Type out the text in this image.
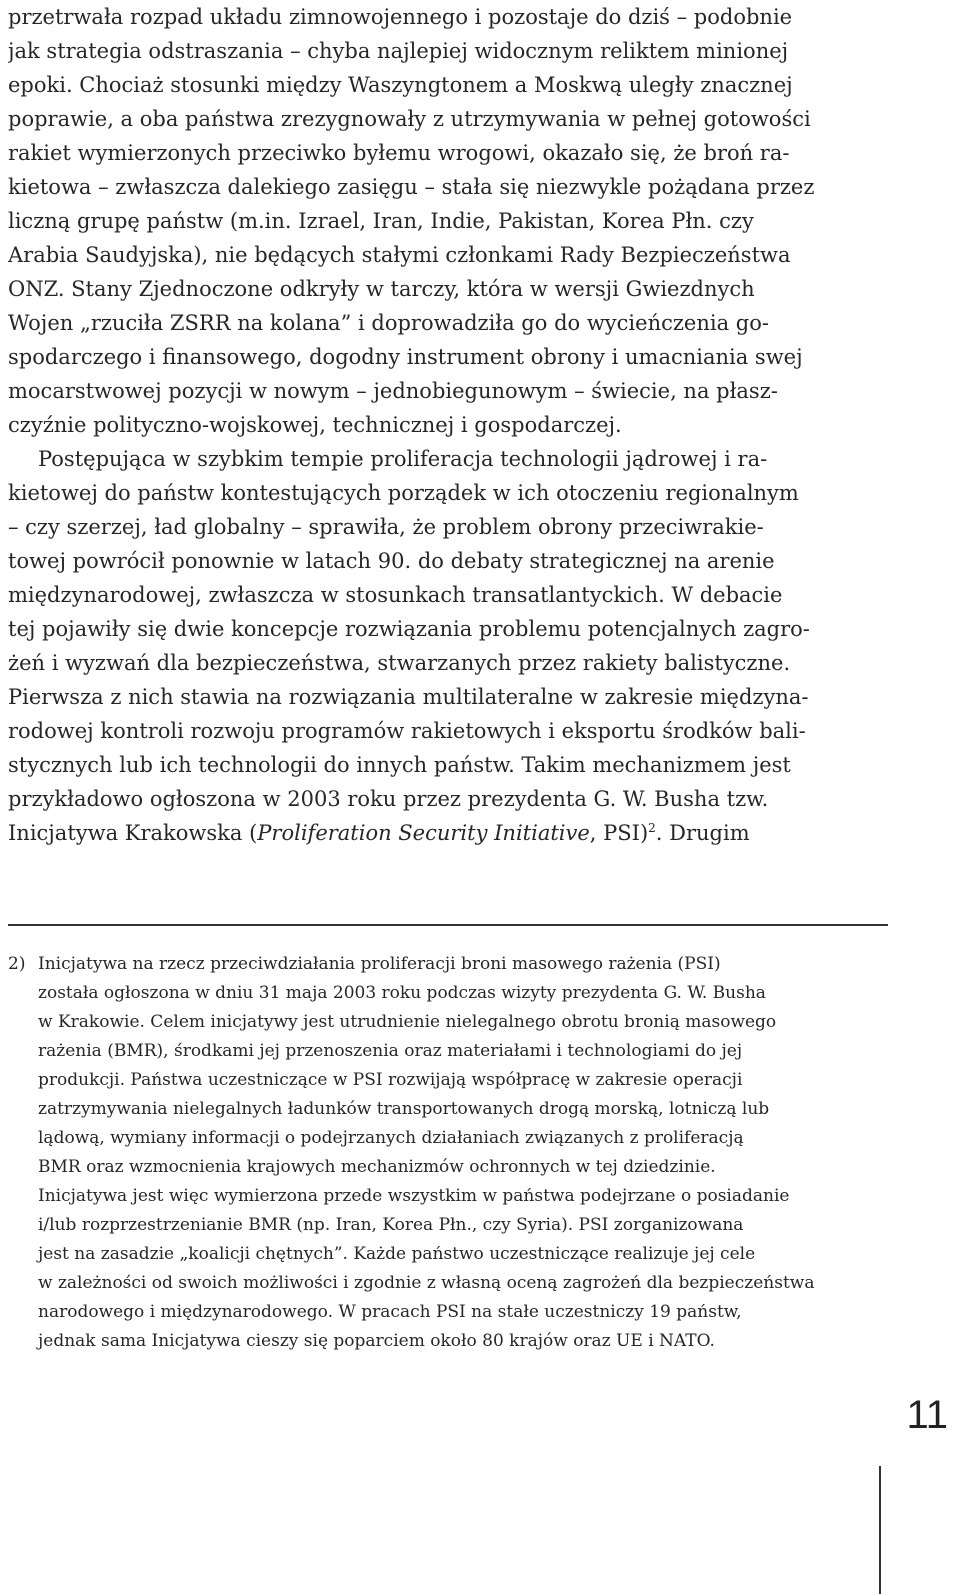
przetrwała rozpad układu zimnowojennego i pozostaje do dziś – podobnie
jak strategia odstraszania – chyba najlepiej widocznym reliktem minionej
epoki. Chociaż stosunki między Waszyngtonem a Moskwą uległy znacznej
poprawie, a oba państwa zrezygnowały z utrzymywania w pełnej gotowości
rakiet wymierzonych przeciwko byłemu wrogowi, okazało się, że broń ra-
kietowa – zwłaszcza dalekiego zasięgu – stała się niezwykle pożądana przez
liczną grupę państw (m.in. Izrael, Iran, Indie, Pakistan, Korea Płn. czy
Arabia Saudyjska), nie będących stałymi członkami Rady Bezpieczeństwa
ONZ. Stany Zjednoczone odkryły w tarczy, która w wersji Gwiezdnych
Wojen „rzuciła ZSRR na kolana” i doprowadziła go do wycieńczenia go-
spodarczego i finansowego, dogodny instrument obrony i umacniania swej
mocarstwowej pozycji w nowym – jednobiegunowym – świecie, na płasz-
czyźnie polityczno-wojskowej, technicznej i gospodarczej.
Postępująca w szybkim tempie proliferacja technologii jądrowej i ra-
kietowej do państw kontestujących porządek w ich otoczeniu regionalnym
– czy szerzej, ład globalny – sprawiła, że problem obrony przeciwrakie-
towej powrócił ponownie w latach 90. do debaty strategicznej na arenie
międzynarodowej, zwłaszcza w stosunkach transatlantyckich. W debacie
tej pojawiły się dwie koncepcje rozwiązania problemu potencjalnych zagro-
żeń i wyzwań dla bezpieczeństwa, stwarzanych przez rakiety balistyczne.
Pierwsza z nich stawia na rozwiązania multilateralne w zakresie międzyna-
rodowej kontroli rozwoju programów rakietowych i eksportu środków bali-
stycznych lub ich technologii do innych państw. Takim mechanizmem jest
przykładowo ogłoszona w 2003 roku przez prezydenta G. W. Busha tzw.
Inicjatywa Krakowska (Proliferation Security Initiative, PSI)$^2$. Drugim
2) Inicjatywa na rzecz przeciwdziałania proliferacji broni masowego rażenia (PSI)
została ogłoszona w dniu 31 maja 2003 roku podczas wizyty prezydenta G. W. Busha
w Krakowie. Celem inicjatywy jest utrudnienie nielegalnego obrotu bronią masowego
rażenia (BMR), środkami jej przenoszenia oraz materiałami i technologiami do jej
produkcji. Państwa uczestniczące w PSI rozwijają współpracę w zakresie operacji
zatrzymywania nielegalnych ładunków transportowanych drogą morską, lotniczą lub
lądową, wymiany informacji o podejrzanych działaniach związanych z proliferacją
BMR oraz wzmocnienia krajowych mechanizmów ochronnych w tej dziedzinie.
Inicjatywa jest więc wymierzona przede wszystkim w państwa podejrzane o posiadanie
i/lub rozprzestrzenianie BMR (np. Iran, Korea Płn., czy Syria). PSI zorganizowana
jest na zasadzie „koalicji chętnych”. Każde państwo uczestniczące realizuje jej cele
w zależności od swoich możliwości i zgodnie z własną oceną zagrożeń dla bezpieczeństwa
narodowego i międzynarodowego. W pracach PSI na stałe uczestniczy 19 państw,
jednak sama Inicjatywa cieszy się poparciem około 80 krajów oraz UE i NATO.
11
